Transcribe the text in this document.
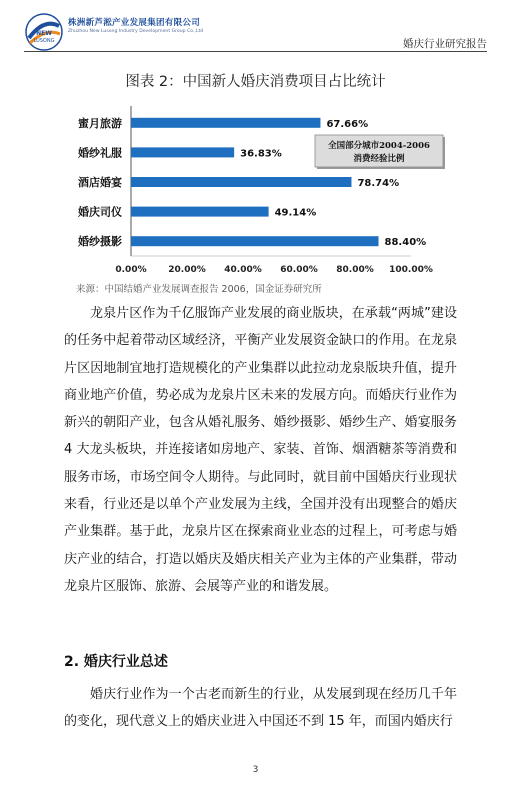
NEW
LUSONG
株洲新芦淞产业发展集团有限公司
Zhuzhou New Lusong Industry Development Group Co.,Ltd
婚庆行业研究报告
图表 2：中国新人婚庆消费项目占比统计
蜜月旅游	67.66%
婚纱礼服	36.83%
酒店婚宴	78.74%
婚庆司仪	49.14%
婚纱摄影	88.40%
0.00% 20.00% 40.00% 60.00% 80.00% 100.00%
全国部分城市2004-2006
消费经验比例
来源：中国结婚产业发展调查报告 2006，国金证券研究所

龙泉片区作为千亿服饰产业发展的商业版块，在承载“两城”建设的任务中起着带动区域经济，平衡产业发展资金缺口的作用。在龙泉片区因地制宜地打造规模化的产业集群以此拉动龙泉版块升值，提升商业地产价值，势必成为龙泉片区未来的发展方向。而婚庆行业作为新兴的朝阳产业，包含从婚礼服务、婚纱摄影、婚纱生产、婚宴服务 4 大龙头板块，并连接诸如房地产、家装、首饰、烟酒糖茶等消费和服务市场，市场空间令人期待。与此同时，就目前中国婚庆行业现状来看，行业还是以单个产业发展为主线，全国并没有出现整合的婚庆产业集群。基于此，龙泉片区在探索商业业态的过程上，可考虑与婚庆产业的结合，打造以婚庆及婚庆相关产业为主体的产业集群，带动龙泉片区服饰、旅游、会展等产业的和谐发展。

2. 婚庆行业总述

婚庆行业作为一个古老而新生的行业，从发展到现在经历几千年的变化，现代意义上的婚庆业进入中国还不到 15 年，而国内婚庆行

3
